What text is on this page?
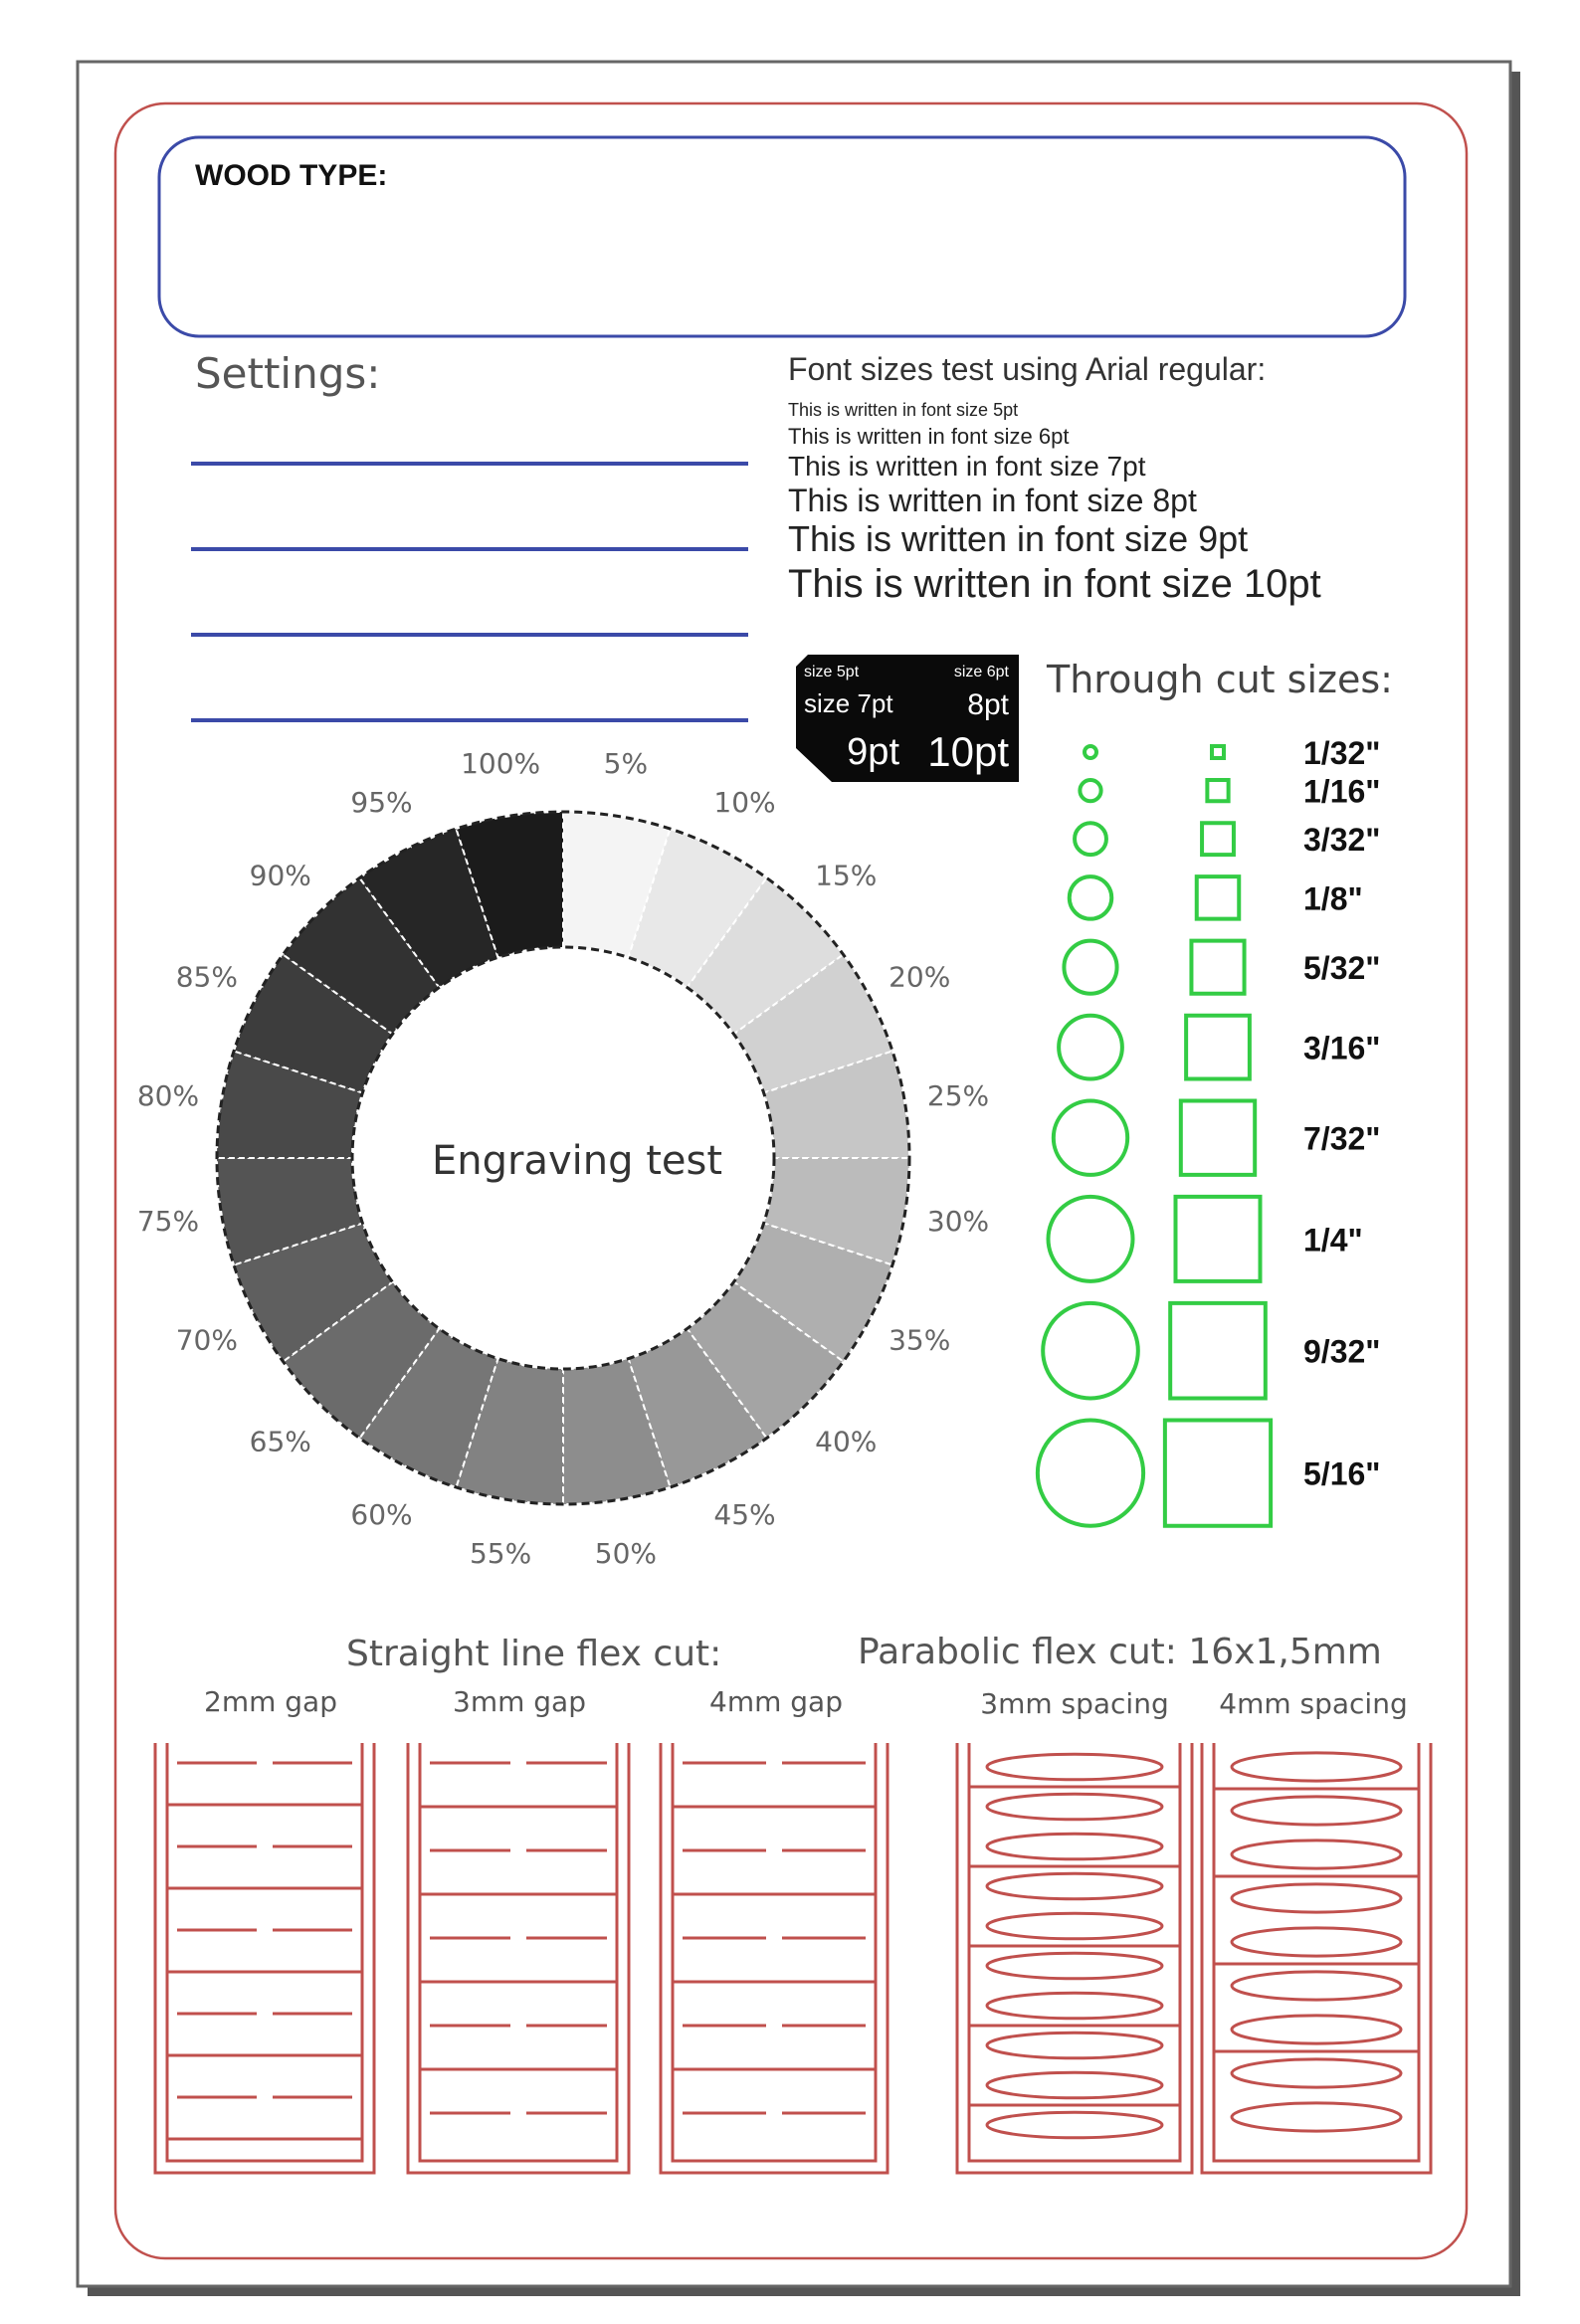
WOOD TYPE:
Settings:	Font sizes test using Arial regular:
This is written in font size 5pt
This is written in font size 6pt
This is written in font size 7pt
This is written in font size 8pt
This is written in font size 9pt
This is written in font size 10pt
size 5pt	size 6pt
size 7pt 8pt
9pt 10pt
5%
10%
15%
20%
25%
30%
35%
40%
45%
50%
55%
60%
65%
70%
75%
80%
85%
90%
95%
100%
Engraving test
Through cut sizes:
1/32"
1/16"
3/32"
1/8"
5/32"
3/16"
7/32"
1/4"
9/32"
5/16"
Straight line flex cut:	Parabolic flex cut: 16x1,5mm
2mm gap	3mm gap	4mm gap	3mm spacing 4mm spacing
